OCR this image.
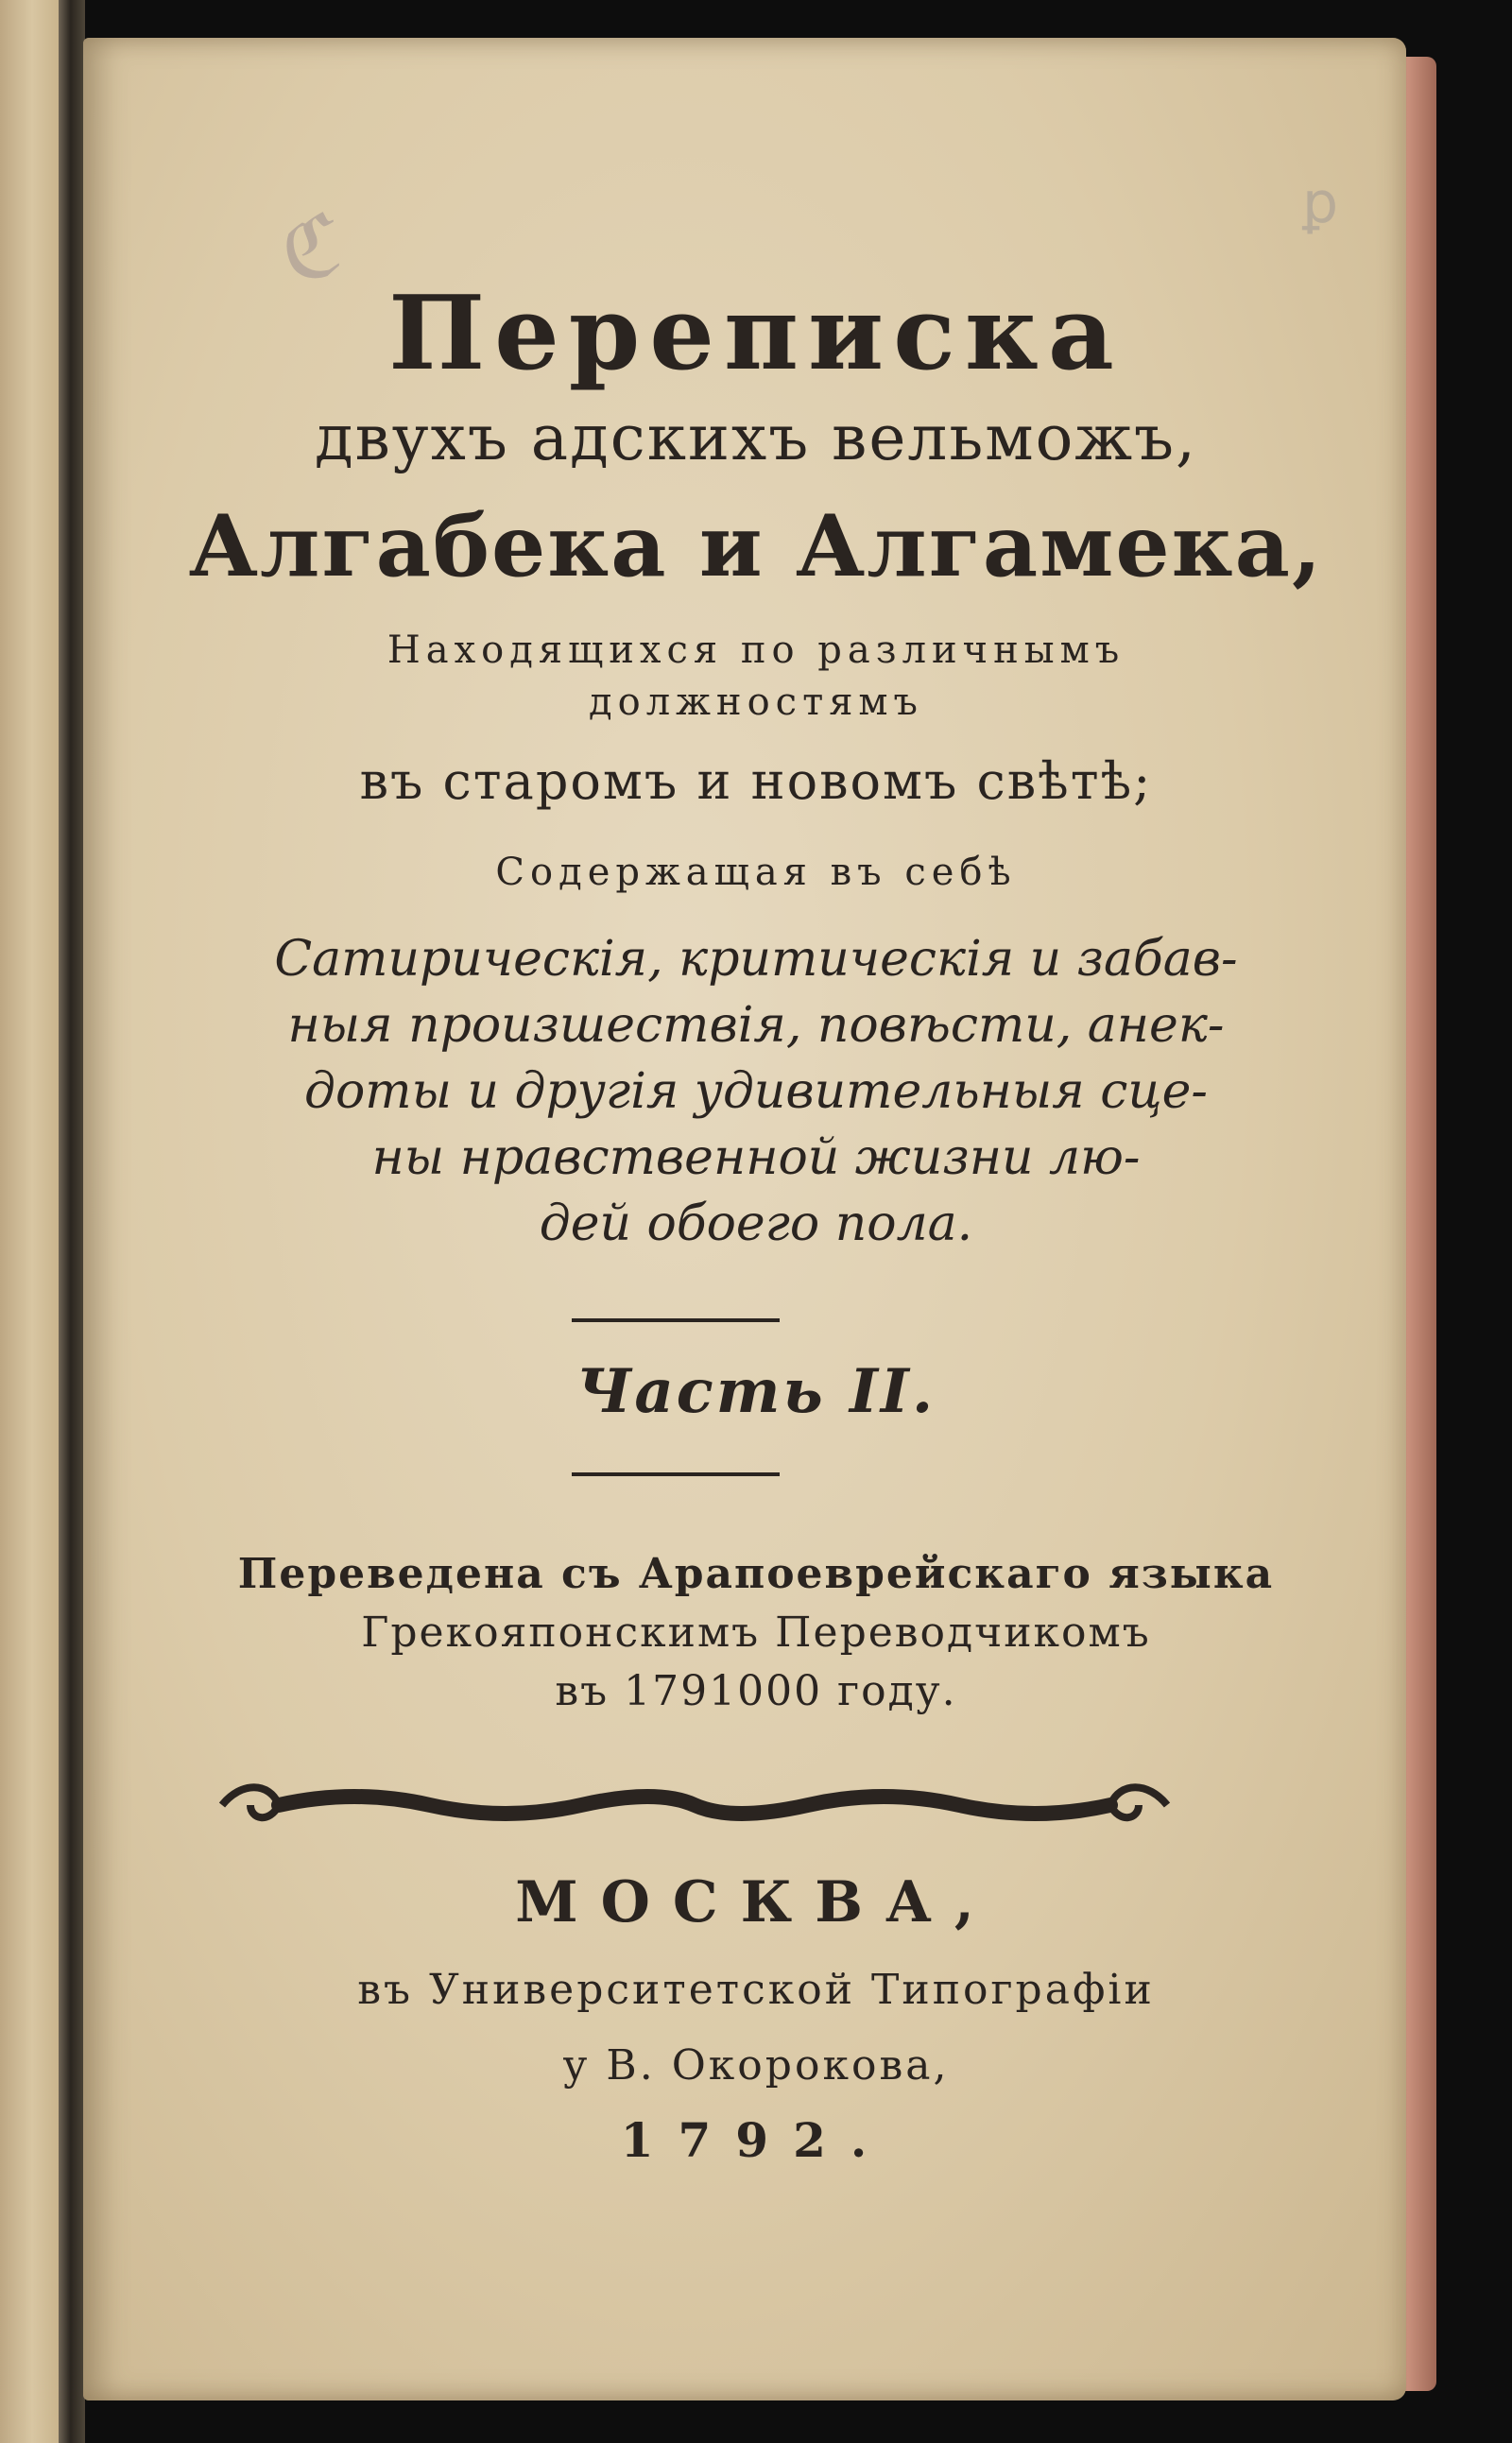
ℭ	ꝑ
Переписка
двухъ адскихъ вельможъ,
Алгабека и Алгамека,
Находящихся по различнымъ
должностямъ
въ старомъ и новомъ свѣтѣ;
Содержащая въ себѣ
Сатирическія, критическія и забав-
ныя произшествія, повѣсти, анек-
доты и другія удивительныя сце-
ны нравственной жизни лю-
дей обоего пола.
Часть II.
Переведена съ Арапоеврейскаго языка
Грекояпонскимъ Переводчикомъ
въ 1791000 году.
МОСКВА,
въ Университетской Типографіи
у В. Окорокова,
1792.
